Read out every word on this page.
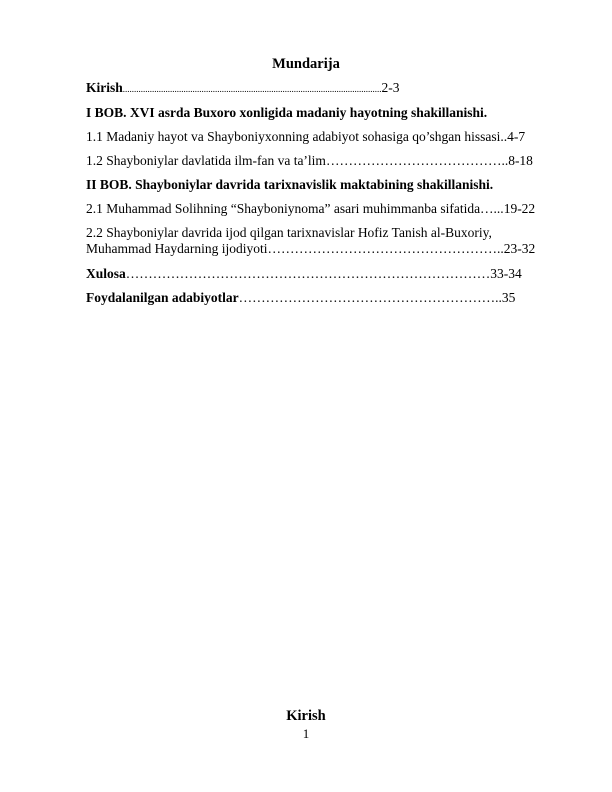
Mundarija
Kirish...................................................................................................................2-3
I BOB. XVI asrda Buxoro xonligida madaniy hayotning shakillanishi.
1.1 Madaniy hayot va Shayboniyxonning adabiyot sohasiga qo’shgan hissasi..4-7
1.2 Shayboniylar davlatida ilm-fan va ta’lim…………………………………..8-18
II BOB. Shayboniylar davrida tarixnavislik maktabining shakillanishi.
2.1 Muhammad Solihning “Shayboniynoma” asari muhimmanba sifatida…...19-22
2.2 Shayboniylar davrida ijod qilgan tarixnavislar Hofiz Tanish al-Buxoriy,
Muhammad Haydarning ijodiyoti……………………………………………..23-32
Xulosa………………………………………………………………………33-34
Foydalanilgan adabiyotlar…………………………………………………..35
Kirish
1
